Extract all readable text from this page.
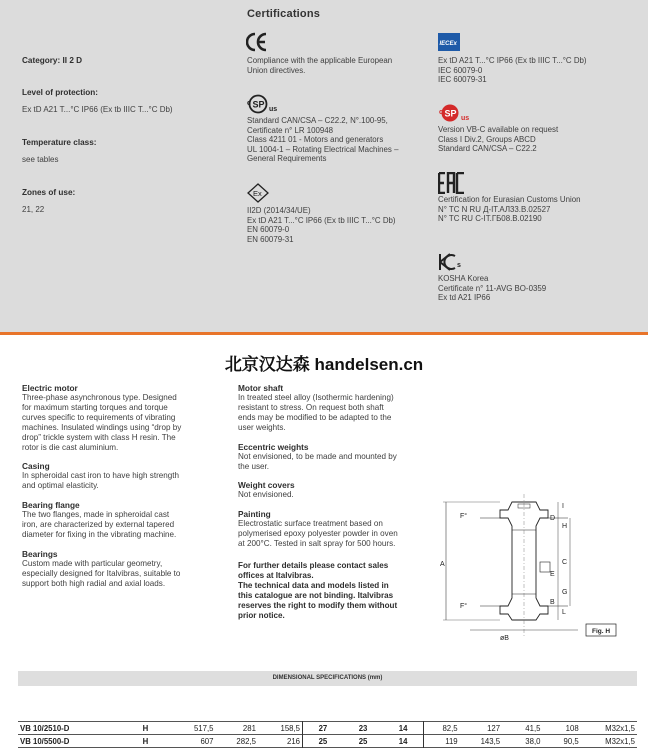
Certifications
Category: II 2 D
Level of protection:
Ex tD A21 T...°C IP66 (Ex tb IIIC T...°C Db)
Temperature class:
see tables
Zones of use:
21, 22
Compliance with the applicable European
Union directives.
SP
c
us
Standard CAN/CSA – C22.2, N°.100-95,
Certificate n° LR 100948
Class 4211 01 - Motors and generators
UL 1004-1 – Rotating Electrical Machines –
General Requirements
Ex
II2D (2014/34/UE)
Ex tD A21 T...°C IP66 (Ex tb IIIC T...°C Db)
EN 60079-0
EN 60079-31
IECEx
Ex tD A21 T...°C IP66 (Ex tb IIIC T...°C Db)
IEC 60079-0
IEC 60079-31
SP
c
us
Version VB-C available on request
Class I Div.2, Groups ABCD
Standard CAN/CSA – C22.2
Certification for Eurasian Customs Union
N° TC N RU Д-IT.АЛ33.В.02527
N° TC RU C-IT.ГБ08.В.02190
s
KOSHA Korea
Certificate n° 11-AVG BO-0359
Ex td A21 IP66
北京汉达森 handelsen.cn
Electric motor
Three-phase asynchronous type. Designed
for maximum starting torques and torque
curves specific to requirements of vibrating
machines. Insulated windings using “drop by
drop” trickle system with class H resin. The
rotor is die cast aluminium.
Casing
In spheroidal cast iron to have high strength
and optimal elasticity.
Bearing flange
The two flanges, made in spheroidal cast
iron, are characterized by external tapered
diameter for fixing in the vibrating machine.
Bearings
Custom made with particular geometry,
especially designed for Italvibras, suitable to
support both high radial and axial loads.
Motor shaft
In treated steel alloy (Isothermic hardening)
resistant to stress. On request both shaft
ends may be modified to be adapted to the
user weights.
Eccentric weights
Not envisioned, to be made and mounted by
the user.
Weight covers
Not envisioned.
Painting
Electrostatic surface treatment based on
polymerised epoxy polyester powder in oven
at 200°C. Tested in salt spray for 500 hours.
For further details please contact sales
offices at Italvibras.
The technical data and models listed in
this catalogue are not binding. Italvibras
reserves the right to modify them without
prior notice.
A
F°
F°
I
D
H
C
E
G
B
L
øB
Fig. H
DIMENSIONAL SPECIFICATIONS (mm)
VB 10/2510-D	H	517,5	281	158,5	27	23	14	82,5	127	41,5	108	M32x1,5
VB 10/5500-D	H	607	282,5	216	25	25	14	119	143,5	38,0	90,5	M32x1,5
